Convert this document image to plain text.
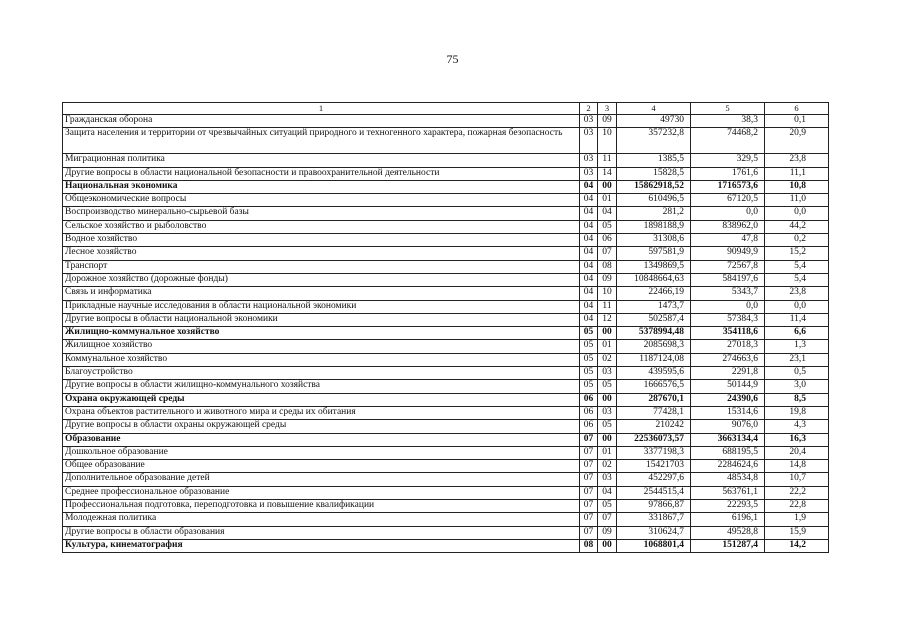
75
1	2	3	4	5	6
Гражданская оборона	03	09	49730	38,3	0,1
Защита населения и территории от чрезвычайных ситуаций природного и техногенного характера, пожарная безопасность	03	10	357232,8	74468,2	20,9
Миграционная политика	03	11	1385,5	329,5	23,8
Другие вопросы в области национальной безопасности и правоохранительной деятельности	03	14	15828,5	1761,6	11,1
Национальная экономика	04	00	15862918,52	1716573,6	10,8
Общеэкономические вопросы	04	01	610496,5	67120,5	11,0
Воспроизводство минерально-сырьевой базы	04	04	281,2	0,0	0,0
Сельское хозяйство и рыболовство	04	05	1898188,9	838962,0	44,2
Водное хозяйство	04	06	31308,6	47,8	0,2
Лесное хозяйство	04	07	597581,9	90949,9	15,2
Транспорт	04	08	1349869,5	72567,8	5,4
Дорожное хозяйство (дорожные фонды)	04	09	10848664,63	584197,6	5,4
Связь и информатика	04	10	22466,19	5343,7	23,8
Прикладные научные исследования в области национальной экономики	04	11	1473,7	0,0	0,0
Другие вопросы в области национальной экономики	04	12	502587,4	57384,3	11,4
Жилищно-коммунальное хозяйство	05	00	5378994,48	354118,6	6,6
Жилищное хозяйство	05	01	2085698,3	27018,3	1,3
Коммунальное хозяйство	05	02	1187124,08	274663,6	23,1
Благоустройство	05	03	439595,6	2291,8	0,5
Другие вопросы в области жилищно-коммунального хозяйства	05	05	1666576,5	50144,9	3,0
Охрана окружающей среды	06	00	287670,1	24390,6	8,5
Охрана объектов растительного и животного мира и среды их обитания	06	03	77428,1	15314,6	19,8
Другие вопросы в области охраны окружающей среды	06	05	210242	9076,0	4,3
Образование	07	00	22536073,57	3663134,4	16,3
Дошкольное образование	07	01	3377198,3	688195,5	20,4
Общее образование	07	02	15421703	2284624,6	14,8
Дополнительное образование детей	07	03	452297,6	48534,8	10,7
Среднее профессиональное образование	07	04	2544515,4	563761,1	22,2
Профессиональная подготовка, переподготовка и повышение квалификации	07	05	97866,87	22293,5	22,8
Молодежная политика	07	07	331867,7	6196,1	1,9
Другие вопросы в области образования	07	09	310624,7	49528,8	15,9
Культура, кинематография	08	00	1068801,4	151287,4	14,2
